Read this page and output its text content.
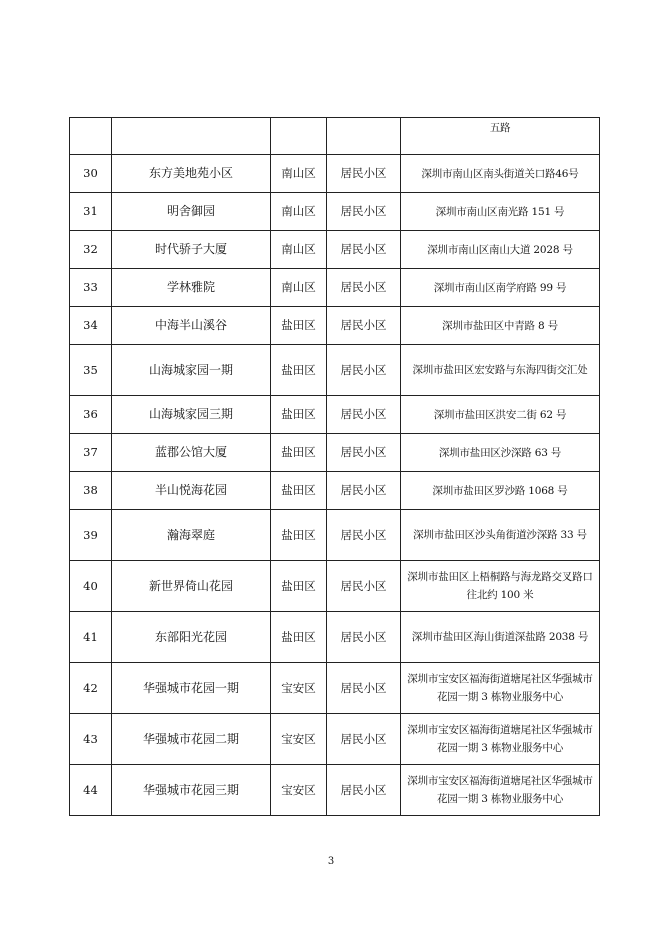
				五路
30	东方美地苑小区	南山区	居民小区	深圳市南山区南头街道关口路46号
31	明舍御园	南山区	居民小区	深圳市南山区南光路 151 号
32	时代骄子大厦	南山区	居民小区	深圳市南山区南山大道 2028 号
33	学林雅院	南山区	居民小区	深圳市南山区南学府路 99 号
34	中海半山溪谷	盐田区	居民小区	深圳市盐田区中青路 8 号
35	山海城家园一期	盐田区	居民小区	深圳市盐田区宏安路与东海四街交汇处
36	山海城家园三期	盐田区	居民小区	深圳市盐田区洪安二街 62 号
37	蓝郡公馆大厦	盐田区	居民小区	深圳市盐田区沙深路 63 号
38	半山悦海花园	盐田区	居民小区	深圳市盐田区罗沙路 1068 号
39	瀚海翠庭	盐田区	居民小区	深圳市盐田区沙头角街道沙深路 33 号
40	新世界倚山花园	盐田区	居民小区	深圳市盐田区上梧桐路与海龙路交叉路口往北约 100 米
41	东部阳光花园	盐田区	居民小区	深圳市盐田区海山街道深盐路 2038 号
42	华强城市花园一期	宝安区	居民小区	深圳市宝安区福海街道塘尾社区华强城市花园一期 3 栋物业服务中心
43	华强城市花园二期	宝安区	居民小区	深圳市宝安区福海街道塘尾社区华强城市花园一期 3 栋物业服务中心
44	华强城市花园三期	宝安区	居民小区	深圳市宝安区福海街道塘尾社区华强城市花园一期 3 栋物业服务中心
3
